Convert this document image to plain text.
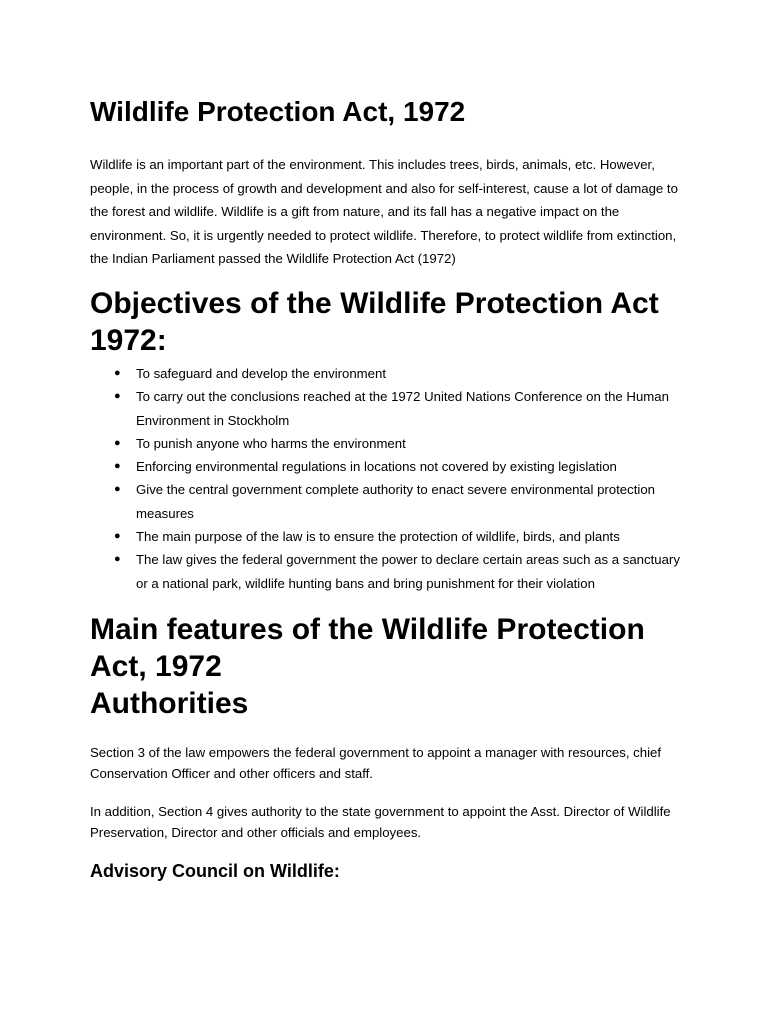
Wildlife Protection Act, 1972

Wildlife is an important part of the environment. This includes trees, birds, animals, etc. However, people, in the process of growth and development and also for self-interest, cause a lot of damage to the forest and wildlife. Wildlife is a gift from nature, and its fall has a negative impact on the environment. So, it is urgently needed to protect wildlife. Therefore, to protect wildlife from extinction, the Indian Parliament passed the Wildlife Protection Act (1972)

Objectives of the Wildlife Protection Act 1972:
● To safeguard and develop the environment
● To carry out the conclusions reached at the 1972 United Nations Conference on the Human Environment in Stockholm
● To punish anyone who harms the environment
● Enforcing environmental regulations in locations not covered by existing legislation
● Give the central government complete authority to enact severe environmental protection measures
● The main purpose of the law is to ensure the protection of wildlife, birds, and plants
● The law gives the federal government the power to declare certain areas such as a sanctuary or a national park, wildlife hunting bans and bring punishment for their violation
Main features of the Wildlife Protection Act, 1972
Authorities

Section 3 of the law empowers the federal government to appoint a manager with resources, chief Conservation Officer and other officers and staff.

In addition, Section 4 gives authority to the state government to appoint the Asst. Director of Wildlife Preservation, Director and other officials and employees.

Advisory Council on Wildlife:
